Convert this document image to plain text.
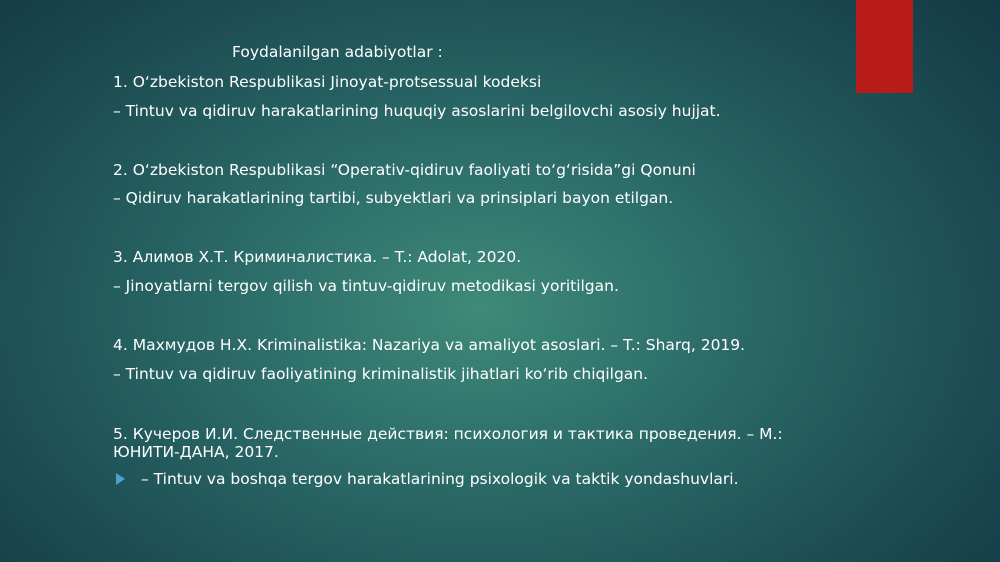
Foydalanilgan adabiyotlar :
1. O‘zbekiston Respublikasi Jinoyat-protsessual kodeksi
– Tintuv va qidiruv harakatlarining huquqiy asoslarini belgilovchi asosiy hujjat.
2. O‘zbekiston Respublikasi “Operativ-qidiruv faoliyati to‘g‘risida”gi Qonuni
– Qidiruv harakatlarining tartibi, subyektlari va prinsiplari bayon etilgan.
3. Алимов Х.Т. Криминалистика. – T.: Adolat, 2020.
– Jinoyatlarni tergov qilish va tintuv-qidiruv metodikasi yoritilgan.
4. Махмудов Н.Х. Kriminalistika: Nazariya va amaliyot asoslari. – T.: Sharq, 2019.
– Tintuv va qidiruv faoliyatining kriminalistik jihatlari ko‘rib chiqilgan.
5. Кучеров И.И. Следственные действия: психология и тактика проведения. – М.: ЮНИТИ-ДАНА, 2017.
– Tintuv va boshqa tergov harakatlarining psixologik va taktik yondashuvlari.
